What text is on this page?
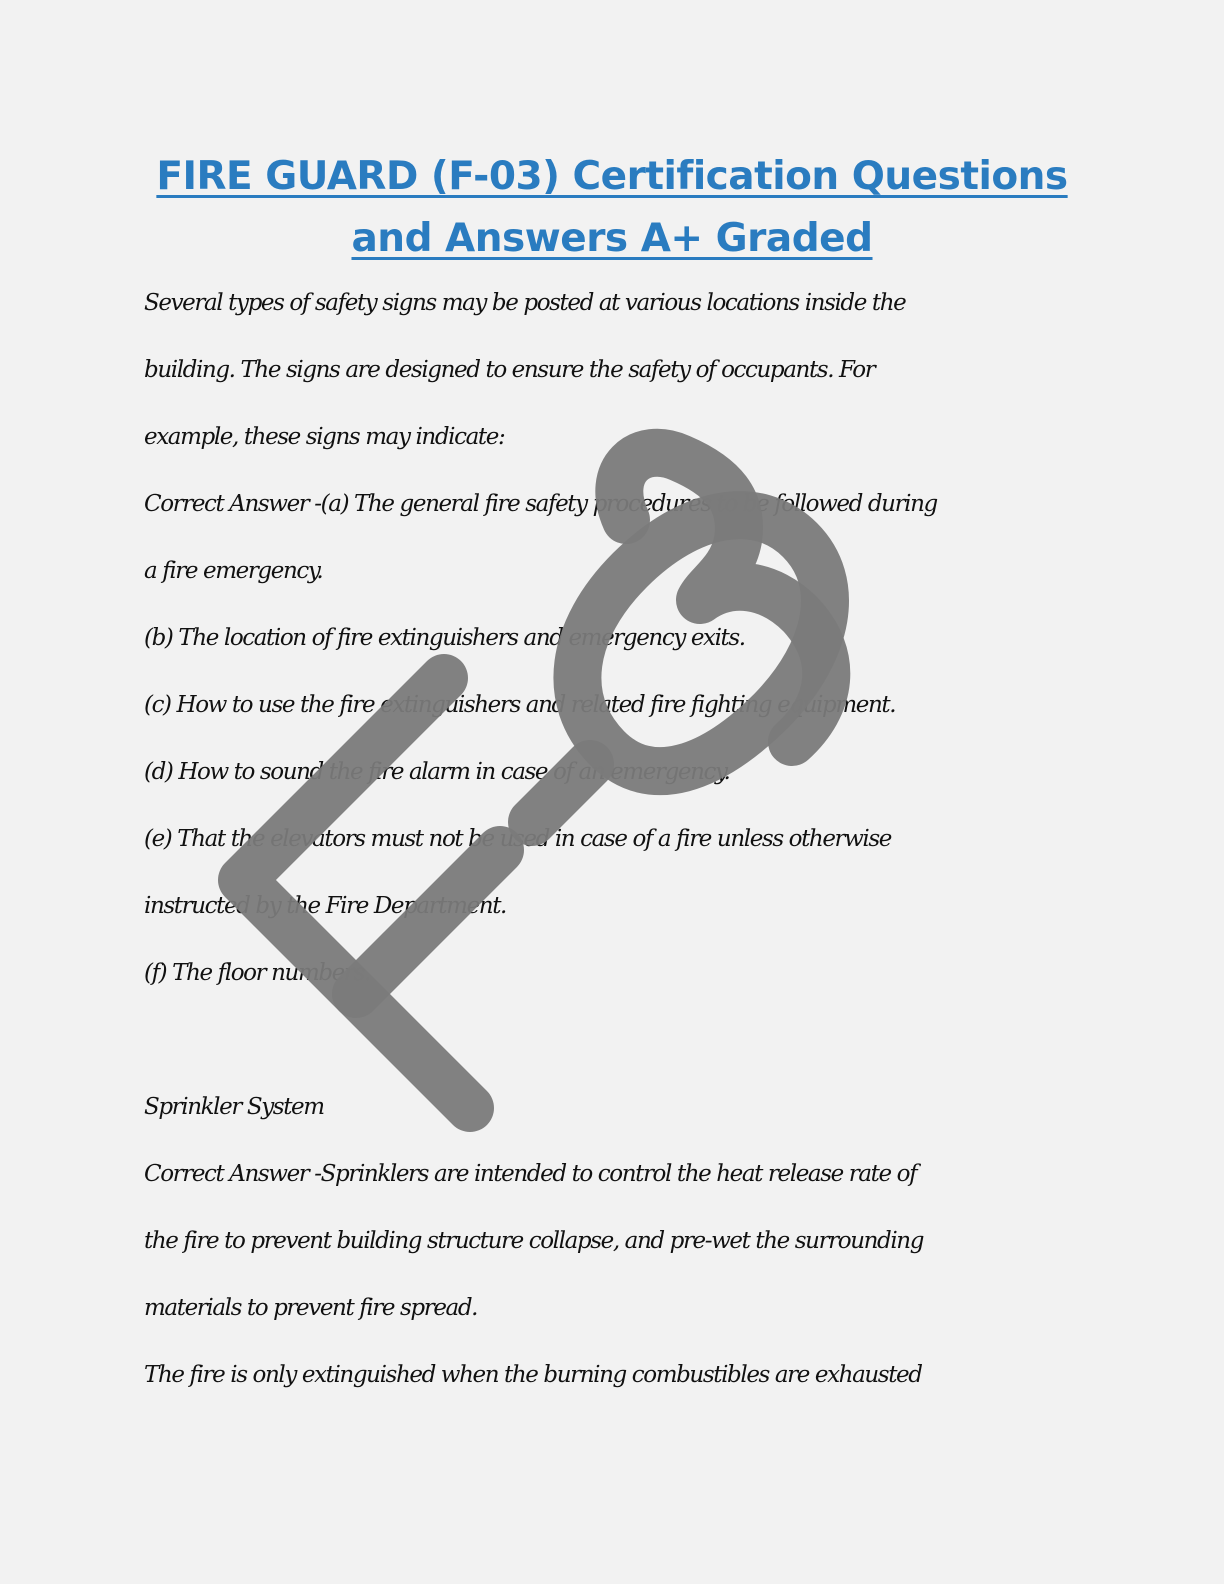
FIRE GUARD (F-03) Certification Questions
and Answers A+ Graded
Several types of safety signs may be posted at various locations inside the
building. The signs are designed to ensure the safety of occupants. For
example, these signs may indicate:
Correct Answer -(a) The general fire safety procedures to be followed during
a fire emergency.
(b) The location of fire extinguishers and emergency exits.
(c) How to use the fire extinguishers and related fire fighting equipment.
(d) How to sound the fire alarm in case of an emergency.
(e) That the elevators must not be used in case of a fire unless otherwise
instructed by the Fire Department.
(f) The floor numbers.
Sprinkler System
Correct Answer -Sprinklers are intended to control the heat release rate of
the fire to prevent building structure collapse, and pre-wet the surrounding
materials to prevent fire spread.
The fire is only extinguished when the burning combustibles are exhausted
